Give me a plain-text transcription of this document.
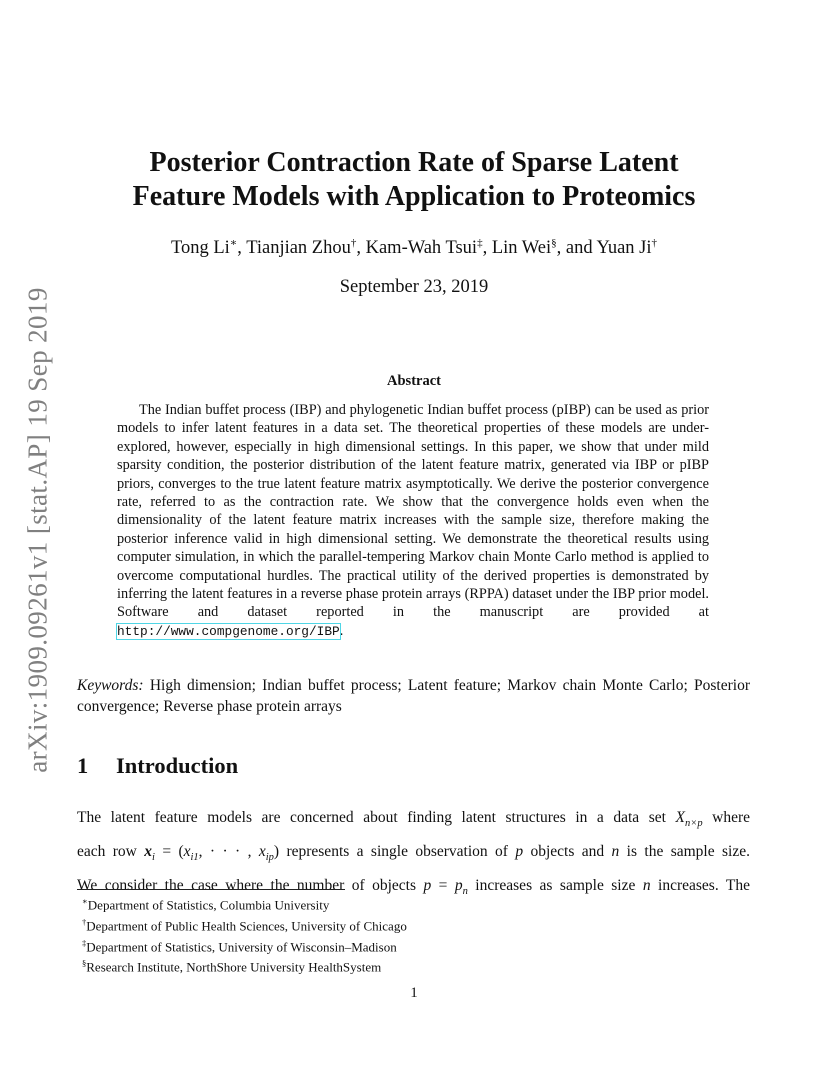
arXiv:1909.09261v1 [stat.AP] 19 Sep 2019
Posterior Contraction Rate of Sparse Latent
Feature Models with Application to Proteomics
Tong Li∗, Tianjian Zhou†, Kam-Wah Tsui‡, Lin Wei§, and Yuan Ji†
September 23, 2019
Abstract

The Indian buffet process (IBP) and phylogenetic Indian buffet process (pIBP) can be used as prior models to infer latent features in a data set. The theoretical properties of these models are under-explored, however, especially in high dimensional settings. In this paper, we show that under mild sparsity condition, the posterior distribution of the latent feature matrix, generated via IBP or pIBP priors, converges to the true latent feature matrix asymptotically. We derive the posterior convergence rate, referred to as the contraction rate. We show that the convergence holds even when the dimensionality of the latent feature matrix increases with the sample size, therefore making the posterior inference valid in high dimensional setting. We demonstrate the theoretical results using computer simulation, in which the parallel-tempering Markov chain Monte Carlo method is applied to overcome computational hurdles. The practical utility of the derived properties is demonstrated by inferring the latent features in a reverse phase protein arrays (RPPA) dataset under the IBP prior model. Software and dataset reported in the manuscript are provided at http://www.compgenome.org/IBP.

Keywords: High dimension; Indian buffet process; Latent feature; Markov chain Monte Carlo; Posterior convergence; Reverse phase protein arrays
1 Introduction
The latent feature models are concerned about finding latent structures in a data set $X_{n\times p}$ where
each row $x_i = (x_{i1}$, · · · , $x_{ip}$) represents a single observation of p objects and n is the sample size.
We consider the case where the number of objects $p = p_n$ increases as sample size n increases. The
∗Department of Statistics, Columbia University
†Department of Public Health Sciences, University of Chicago
‡Department of Statistics, University of Wisconsin–Madison
§Research Institute, NorthShore University HealthSystem
1
